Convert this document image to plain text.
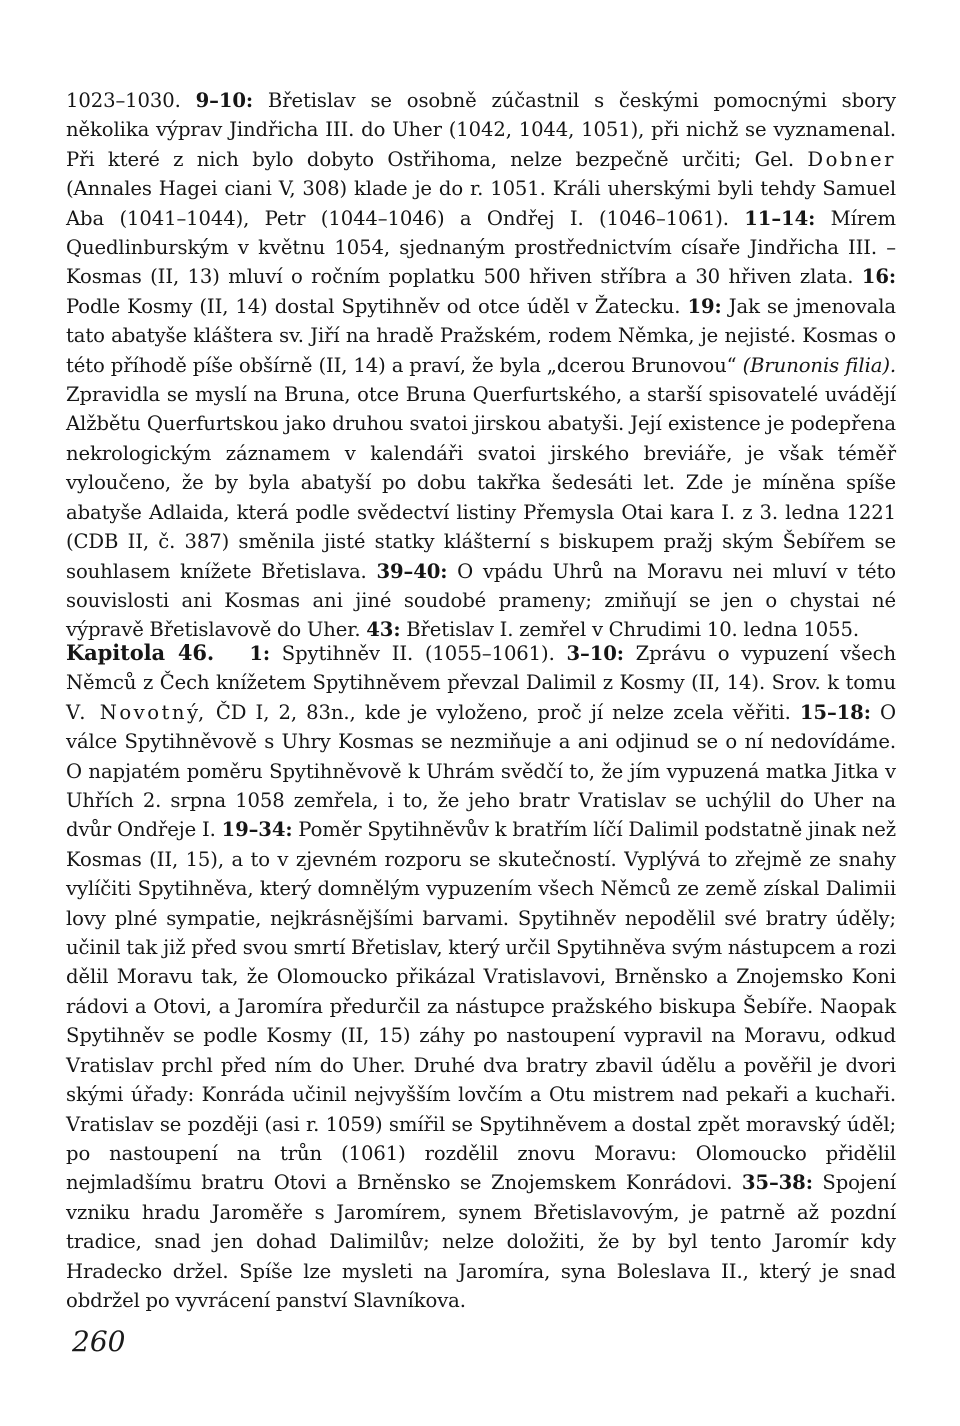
1023–1030. 9–10: Břetislav se osobně zúčastnil s českými pomocnými sbory několika výprav Jindřicha III. do Uher (1042, 1044, 1051), při nichž se vyznamenal. Při které z nich bylo dobyto Ostřihoma, nelze bezpečně určiti; Gel. Dobner (Annales Hagei ciani V, 308) klade je do r. 1051. Králi uherskými byli tehdy Samuel Aba (1041–1044), Petr (1044–1046) a Ondřej I. (1046–1061). 11–14: Mírem Quedlinburským v květnu 1054, sjednaným prostřednictvím císaře Jindřicha III. – Kosmas (II, 13) mluví o ročním poplatku 500 hřiven stříbra a 30 hřiven zlata. 16: Podle Kosmy (II, 14) dostal Spytihněv od otce úděl v Žatecku. 19: Jak se jmenovala tato abatyše kláštera sv. Jiří na hradě Pražském, rodem Němka, je nejisté. Kosmas o této příhodě píše obšírně (II, 14) a praví, že byla „dcerou Brunovou“ (Brunonis filia). Zpravidla se myslí na Bruna, otce Bruna Querfurtského, a starší spisovatelé uvádějí Alžbětu Querfurtskou jako druhou svatoi jirskou abatyši. Její existence je podepřena nekrologickým záznamem v kalendáři svatoi jirského breviáře, je však téměř vyloučeno, že by byla abatyší po dobu takřka šedesáti let. Zde je míněna spíše abatyše Adlaida, která podle svědectví listiny Přemysla Otai kara I. z 3. ledna 1221 (CDB II, č. 387) směnila jisté statky klášterní s biskupem pražj ským Šebířem se souhlasem knížete Břetislava. 39–40: O vpádu Uhrů na Moravu nei mluví v této souvislosti ani Kosmas ani jiné soudobé prameny; zmiňují se jen o chystai né výpravě Břetislavově do Uher. 43: Břetislav I. zemřel v Chrudimi 10. ledna 1055.
Kapitola 46. 1: Spytihněv II. (1055–1061). 3–10: Zprávu o vypuzení všech Němců z Čech knížetem Spytihněvem převzal Dalimil z Kosmy (II, 14). Srov. k tomu V. Novotný, ČD I, 2, 83n., kde je vyloženo, proč jí nelze zcela věřiti. 15–18: O válce Spytihněvově s Uhry Kosmas se nezmiňuje a ani odjinud se o ní nedovídáme. O napjatém poměru Spytihněvově k Uhrám svědčí to, že jím vypuzená matka Jitka v Uhřích 2. srpna 1058 zemřela, i to, že jeho bratr Vratislav se uchýlil do Uher na dvůr Ondřeje I. 19–34: Poměr Spytihněvův k bratřím líčí Dalimil podstatně jinak než Kosmas (II, 15), a to v zjevném rozporu se skutečností. Vyplývá to zřejmě ze snahy vylíčiti Spytihněva, který domnělým vypuzením všech Němců ze země získal Dalimii lovy plné sympatie, nejkrásnějšími barvami. Spytihněv nepodělil své bratry úděly; učinil tak již před svou smrtí Břetislav, který určil Spytihněva svým nástupcem a rozi dělil Moravu tak, že Olomoucko přikázal Vratislavovi, Brněnsko a Znojemsko Koni rádovi a Otovi, a Jaromíra předurčil za nástupce pražského biskupa Šebíře. Naopak Spytihněv se podle Kosmy (II, 15) záhy po nastoupení vypravil na Moravu, odkud Vratislav prchl před ním do Uher. Druhé dva bratry zbavil údělu a pověřil je dvori skými úřady: Konráda učinil nejvyšším lovčím a Otu mistrem nad pekaři a kuchaři. Vratislav se později (asi r. 1059) smířil se Spytihněvem a dostal zpět moravský úděl; po nastoupení na trůn (1061) rozdělil znovu Moravu: Olomoucko přidělil nejmladšímu bratru Otovi a Brněnsko se Znojemskem Konrádovi. 35–38: Spojení vzniku hradu Jaroměře s Jaromírem, synem Břetislavovým, je patrně až pozdní tradice, snad jen dohad Dalimilův; nelze doložiti, že by byl tento Jaromír kdy Hradecko držel. Spíše lze mysleti na Jaromíra, syna Boleslava II., který je snad obdržel po vyvrácení panství Slavníkova.
260
